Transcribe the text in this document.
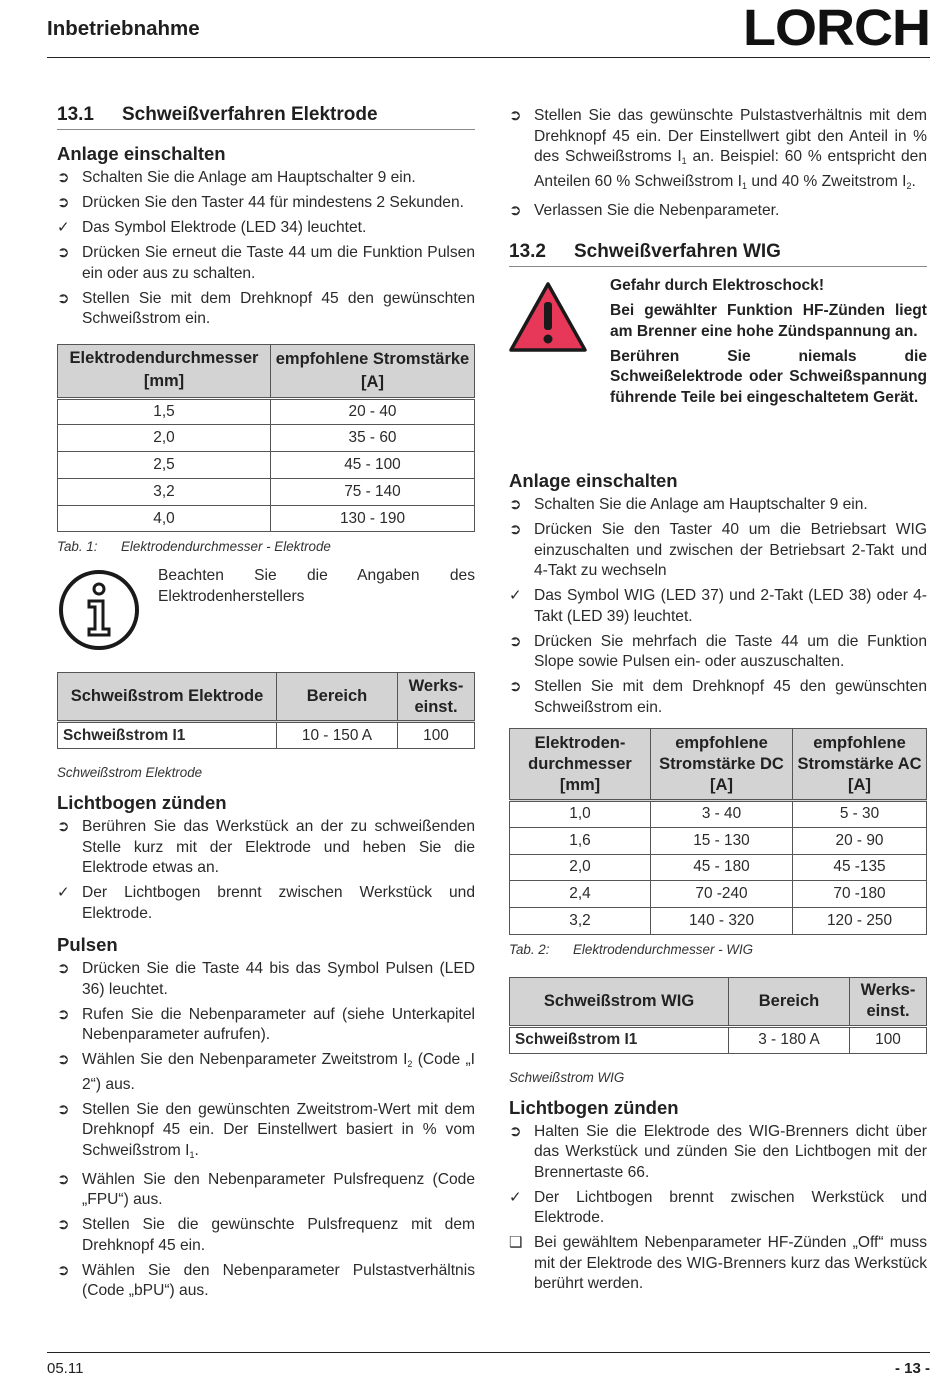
Inbetriebnahme	LORCH
13.1	Schweißverfahren Elektrode
Anlage einschalten
➲ Schalten Sie die Anlage am Hauptschalter 9 ein.
➲ Drücken Sie den Taster 44 für mindestens 2 Sekunden.
✓ Das Symbol Elektrode (LED 34) leuchtet.
➲ Drücken Sie erneut die Taste 44 um die Funktion Pulsen ein oder aus zu schalten.
➲ Stellen Sie mit dem Drehknopf 45 den gewünschten Schweißstrom ein.
Elektrodendurchmesser [mm]	empfohlene Stromstärke [A]
1,5	20 - 40
2,0	35 - 60
2,5	45 - 100
3,2	75 - 140
4,0	130 - 190
Tab. 1:	Elektrodendurchmesser - Elektrode
Beachten Sie die Angaben des Elektrodenherstellers
Schweißstrom Elektrode	Bereich	Werks-einst.
Schweißstrom I1	10 - 150 A	100
Schweißstrom Elektrode
Lichtbogen zünden
➲ Berühren Sie das Werkstück an der zu schweißenden Stelle kurz mit der Elektrode und heben Sie die Elektrode etwas an.
✓ Der Lichtbogen brennt zwischen Werkstück und Elektrode.
Pulsen
➲ Drücken Sie die Taste 44 bis das Symbol Pulsen (LED 36) leuchtet.
➲ Rufen Sie die Nebenparameter auf (siehe Unterkapitel Nebenparameter aufrufen).
➲ Wählen Sie den Nebenparameter Zweitstrom $I_2$ (Code „I 2“) aus.
➲ Stellen Sie den gewünschten Zweitstrom-Wert mit dem Drehknopf 45 ein. Der Einstellwert basiert in % vom Schweißstrom $I_1$.
➲ Wählen Sie den Nebenparameter Pulsfrequenz (Code „FPU“) aus.
➲ Stellen Sie die gewünschte Pulsfrequenz mit dem Drehknopf 45 ein.
➲ Wählen Sie den Nebenparameter Pulstastverhältnis (Code „bPU“) aus.
➲ Stellen Sie das gewünschte Pulstastverhältnis mit dem Drehknopf 45 ein. Der Einstellwert gibt den Anteil in % des Schweißstroms $I_1$ an. Beispiel: 60 % entspricht den Anteilen 60 % Schweißstrom $I_1$ und 40 % Zweitstrom $I_2$.
➲ Verlassen Sie die Nebenparameter.
13.2	Schweißverfahren WIG

Gefahr durch Elektroschock!

Bei gewählter Funktion HF-Zünden liegt am Brenner eine hohe Zündspannung an.

Berühren Sie niemals die Schweißelektrode oder Schweißspannung führende Teile bei eingeschaltetem Gerät.

Anlage einschalten
➲ Schalten Sie die Anlage am Hauptschalter 9 ein.
➲ Drücken Sie den Taster 40 um die Betriebsart WIG einzuschalten und zwischen der Betriebsart 2-Takt und 4-Takt zu wechseln
✓ Das Symbol WIG (LED 37) und 2-Takt (LED 38) oder 4-Takt (LED 39) leuchtet.
➲ Drücken Sie mehrfach die Taste 44 um die Funktion Slope sowie Pulsen ein- oder auszuschalten.
➲ Stellen Sie mit dem Drehknopf 45 den gewünschten Schweißstrom ein.
Elektroden-durchmesser [mm]	empfohlene Stromstärke DC [A]	empfohlene Stromstärke AC [A]
1,0	3 - 40	5 - 30
1,6	15 - 130	20 - 90
2,0	45 - 180	45 -135
2,4	70 -240	70 -180
3,2	140 - 320	120 - 250
Tab. 2:	Elektrodendurchmesser - WIG
Schweißstrom WIG	Bereich	Werks-einst.
Schweißstrom I1	3 - 180 A	100
Schweißstrom WIG
Lichtbogen zünden
➲ Halten Sie die Elektrode des WIG-Brenners dicht über das Werkstück und zünden Sie den Lichtbogen mit der Brennertaste 66.
✓ Der Lichtbogen brennt zwischen Werkstück und Elektrode.
❑ Bei gewähltem Nebenparameter HF-Zünden „Off“ muss mit der Elektrode des WIG-Brenners kurz das Werkstück berührt werden.
05.11	- 13 -
